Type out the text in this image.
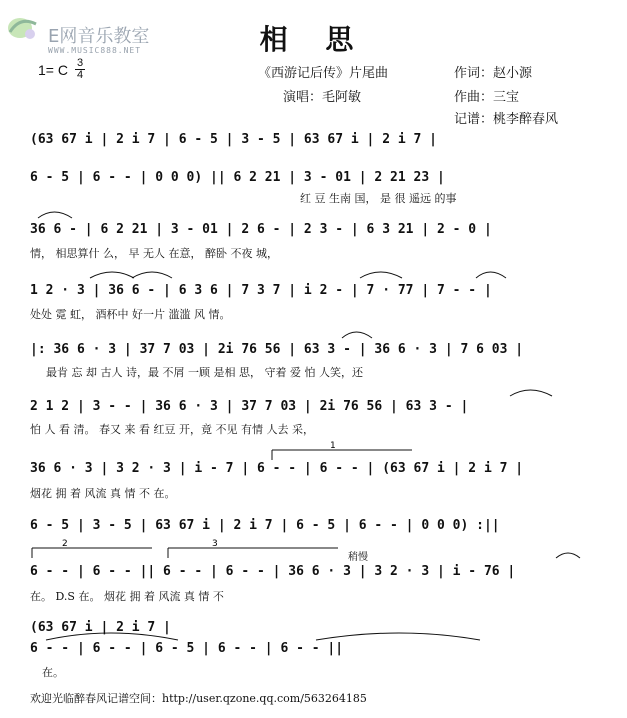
E网音乐教室
WWW.MUSIC888.NET	相 思
1= C 3
4	《西游记后传》片尾曲	作词：赵小源
演唱：毛阿敏	作曲：三宝
记谱：桃李醉春风
(63 67 i | 2 i 7 | 6 - 5 | 3 - 5 | 63 67 i | 2 i 7 |
6 - 5 | 6 - - | 0 0 0) || 6 2 21 | 3 - 01 | 2 21 23 |
红 豆 生南 国， 是 很 遥远 的事
36 6 - | 6 2 21 | 3 - 01 | 2 6 - | 2 3 - | 6 3 21 | 2 - 0 |
情， 相思算什 么， 早 无人 在意， 醉卧 不夜 城，
1 2 · 3 | 36 6 - | 6 3 6 | 7 3 7 | i 2 - | 7 · 77 | 7 - - |
处处 霓 虹， 酒杯中 好一片 滥滥 风 情。
|: 36 6 · 3 | 37 7 03 | 2i 76 56 | 63 3 - | 36 6 · 3 | 7 6 03 |
最肯 忘 却 古人 诗，最 不屑 一顾 是相 思， 守着 爱 怕 人笑，还
2 1 2 | 3 - - | 36 6 · 3 | 37 7 03 | 2i 76 56 | 63 3 - |
怕 人 看 清。 春又 来 看 红豆 开，竟 不见 有情 人去 采，
36 6 · 3 | 3 2 · 3 | i - 7 | 6 - - | 6 - - | (63 67 i | 2 i 7 |
烟花 拥 着 风流 真 情 不 在。
6 - 5 | 3 - 5 | 63 67 i | 2 i 7 | 6 - 5 | 6 - - | 0 0 0) :||
6 - - | 6 - - || 6 - - | 6 - - | 36 6 · 3 | 3 2 · 3 | i - 76 |
在。 D.S 在。 烟花 拥 着 风流 真 情 不
(63 67 i | 2 i 7 |
6 - - | 6 - - | 6 - 5 | 6 - - | 6 - - ||
在。
稍慢
1
2	3
欢迎光临醉春风记谱空间：http://user.qzone.qq.com/563264185
